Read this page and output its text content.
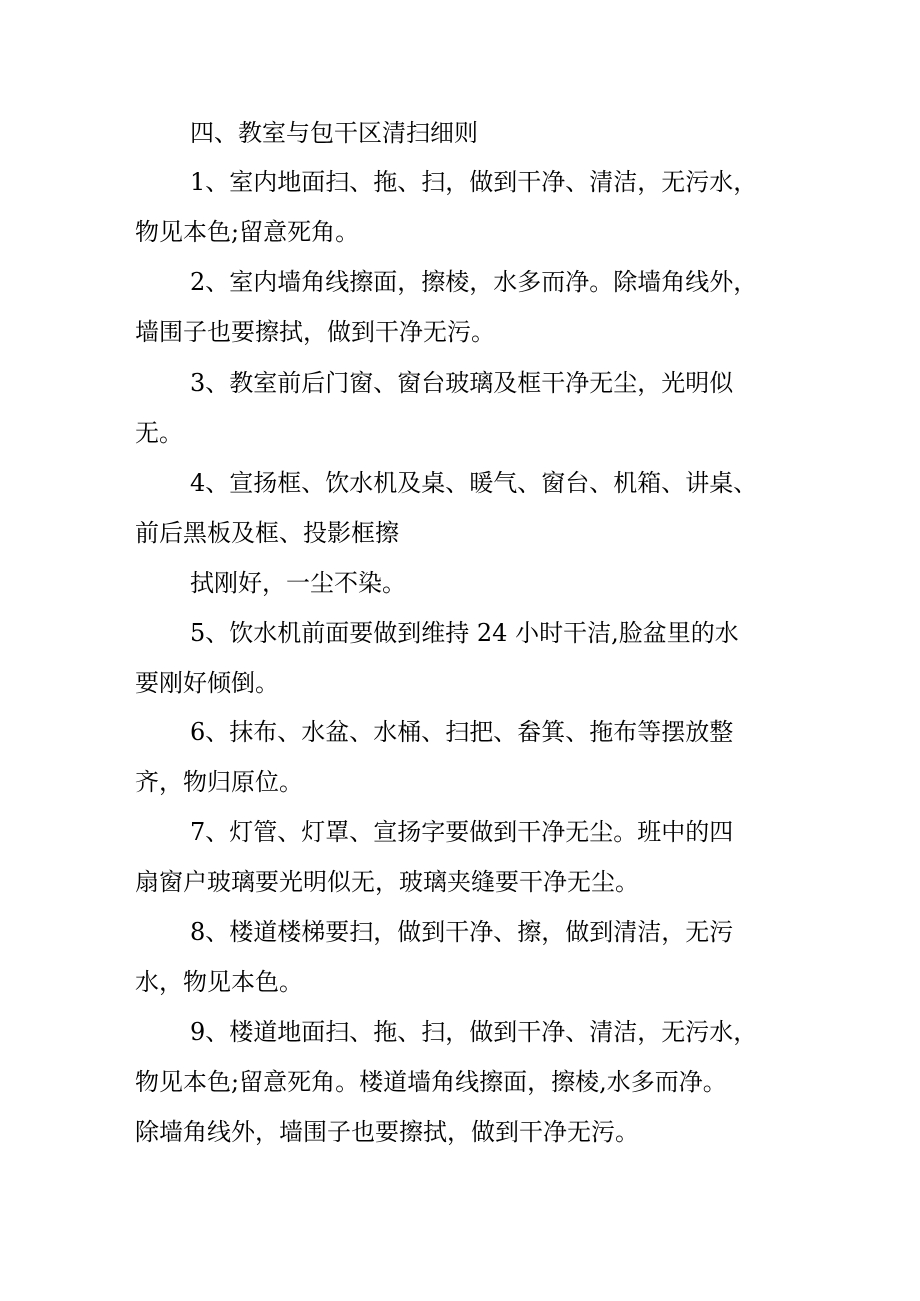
四、教室与包干区清扫细则

1、室内地面扫、拖、扫，做到干净、清洁，无污水，

物见本色;留意死角。

2、室内墙角线擦面，擦棱，水多而净。除墙角线外，

墙围子也要擦拭，做到干净无污。

3、教室前后门窗、窗台玻璃及框干净无尘，光明似

无。

4、宣扬框、饮水机及桌、暖气、窗台、机箱、讲桌、

前后黑板及框、投影框擦

拭刚好，一尘不染。

5、饮水机前面要做到维持 24 小时干洁,脸盆里的水

要刚好倾倒。

6、抹布、水盆、水桶、扫把、畚箕、拖布等摆放整

齐，物归原位。

7、灯管、灯罩、宣扬字要做到干净无尘。班中的四

扇窗户玻璃要光明似无，玻璃夹缝要干净无尘。

8、楼道楼梯要扫，做到干净、擦，做到清洁，无污

水，物见本色。

9、楼道地面扫、拖、扫，做到干净、清洁，无污水，

物见本色;留意死角。楼道墙角线擦面，擦棱,水多而净。

除墙角线外，墙围子也要擦拭，做到干净无污。
